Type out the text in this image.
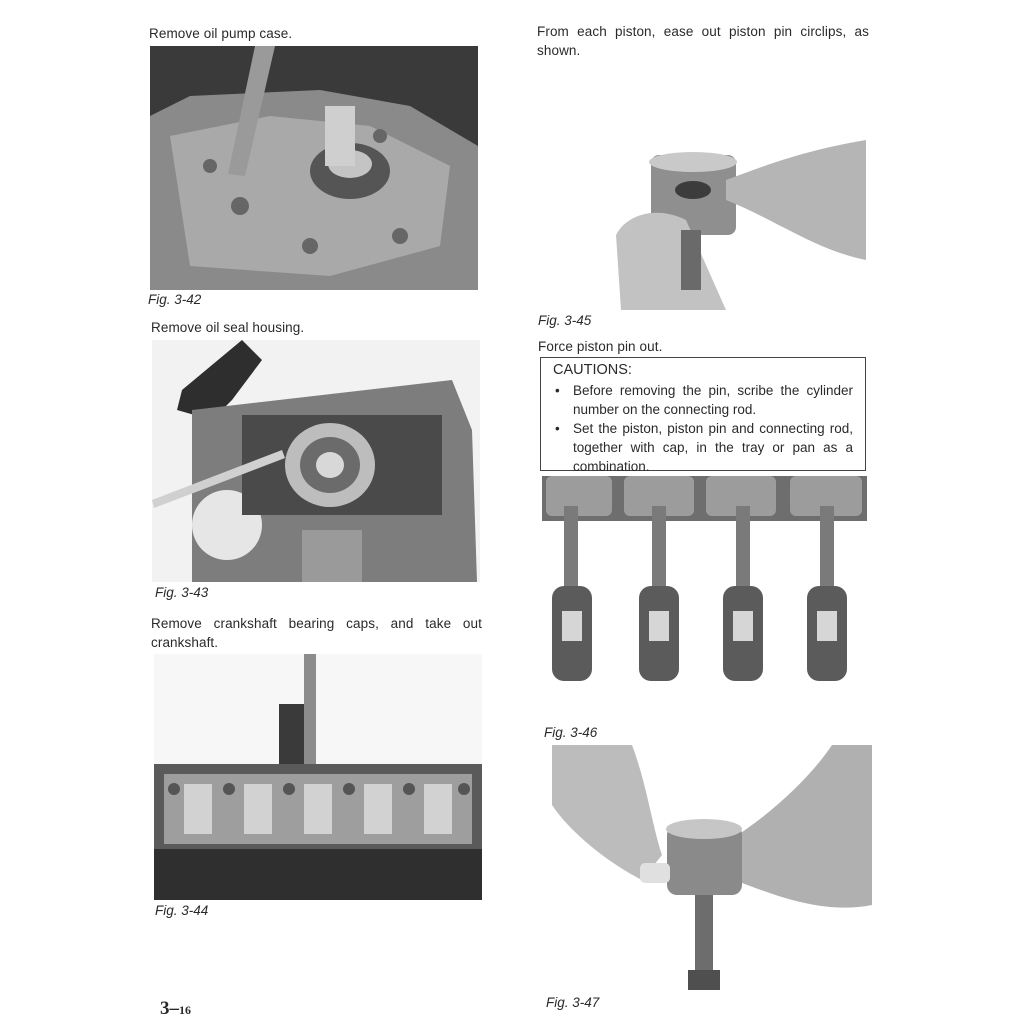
Remove oil pump case.
Fig. 3-42
Remove oil seal housing.
Fig. 3-43
Remove crankshaft bearing caps, and take out crankshaft.
Fig. 3-44
3–16
From each piston, ease out piston pin circlips, as shown.
Fig. 3-45
Force piston pin out.
CAUTIONS:
• Before removing the pin, scribe the cylinder number on the connecting rod.
• Set the piston, piston pin and connecting rod, together with cap, in the tray or pan as a combination.
Fig. 3-46
Fig. 3-47
